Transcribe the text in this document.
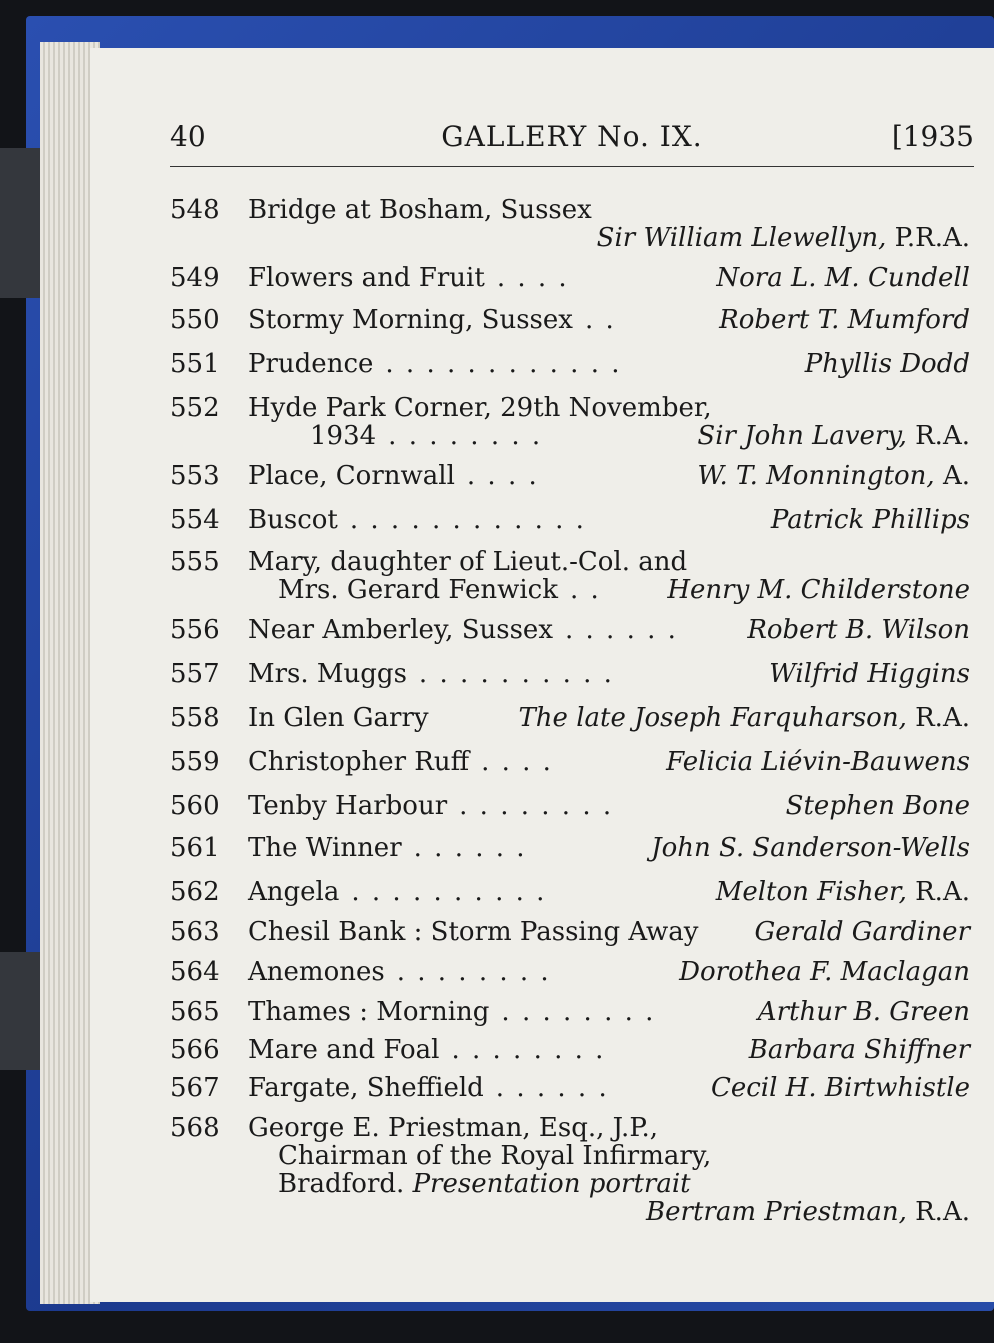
40	GALLERY No. IX.	[1935
548	Bridge at Bosham, Sussex
Sir William Llewellyn, P.R.A.
549	Flowers and Fruit . . . .	Nora L. M. Cundell
550	Stormy Morning, Sussex . .	Robert T. Mumford
551	Prudence . . . . . . . . . . . .	Phyllis Dodd
552	Hyde Park Corner, 29th November,
1934 . . . . . . . .	Sir John Lavery, R.A.
553	Place, Cornwall . . . .	W. T. Monnington, A.
554	Buscot . . . . . . . . . . . .	Patrick Phillips
555	Mary, daughter of Lieut.-Col. and
Mrs. Gerard Fenwick . .	Henry M. Childerstone
556	Near Amberley, Sussex . . . . . .	Robert B. Wilson
557	Mrs. Muggs . . . . . . . . . .	Wilfrid Higgins
558	In Glen Garry	The late Joseph Farquharson, R.A.
559	Christopher Ruff . . . .	Felicia Liévin-Bauwens
560	Tenby Harbour . . . . . . . .	Stephen Bone
561	The Winner . . . . . .	John S. Sanderson-Wells
562	Angela . . . . . . . . . .	Melton Fisher, R.A.
563	Chesil Bank : Storm Passing Away Gerald Gardiner
564	Anemones . . . . . . . .	Dorothea F. Maclagan
565	Thames : Morning . . . . . . . .	Arthur B. Green
566	Mare and Foal . . . . . . . .	Barbara Shiffner
567	Fargate, Sheffield . . . . . .	Cecil H. Birtwhistle
568	George E. Priestman, Esq., J.P.,
Chairman of the Royal Infirmary,
Bradford. Presentation portrait
Bertram Priestman, R.A.
